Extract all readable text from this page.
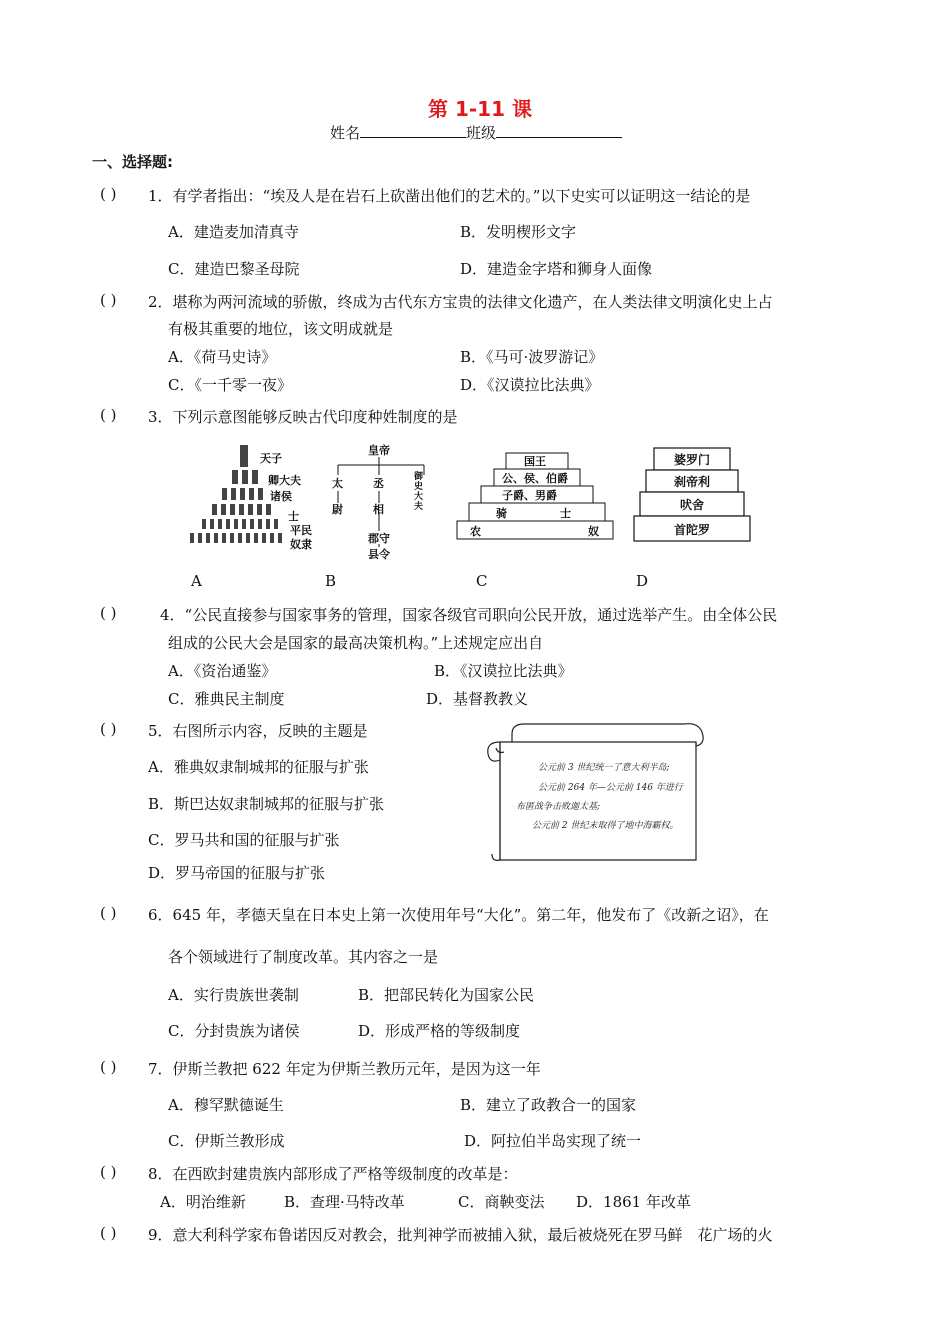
第 1-11 课
姓名	班级
一、选择题:
( ) 1．有学者指出：“埃及人是在岩石上砍凿出他们的艺术的。”以下史实可以证明这一结论的是
A．建造麦加清真寺	B．发明楔形文字
C．建造巴黎圣母院	D．建造金字塔和狮身人面像
( ) 2．堪称为两河流域的骄傲，终成为古代东方宝贵的法律文化遗产，在人类法律文明演化史上占
有极其重要的地位，该文明成就是
A．《荷马史诗》	B．《马可·波罗游记》
C．《一千零一夜》	D．《汉谟拉比法典》
( ) 3．下列示意图能够反映古代印度种姓制度的是
天子
卿大夫
诸侯
士
平民
奴隶
皇帝
太	丞	御
史
大
夫
尉	相
郡守
县令
国王
公、侯、伯爵
子爵、男爵
骑	士
农	奴
婆罗门
刹帝利
吠舍
首陀罗
A	B	C	D
( )	4．“公民直接参与国家事务的管理，国家各级官司职向公民开放，通过选举产生。由全体公民
组成的公民大会是国家的最高决策机构。”上述规定应出自
A．《资治通鉴》	B．《汉谟拉比法典》
C．雅典民主制度	D．基督教教义
( ) 5．右图所示内容，反映的主题是
A．雅典奴隶制城邦的征服与扩张
B．斯巴达奴隶制城邦的征服与扩张
C．罗马共和国的征服与扩张
D．罗马帝国的征服与扩张
公元前 3 世纪统一了意大利半岛;
公元前 264 年—公元前 146 年进行
布匿战争击败迦太基;
公元前 2 世纪末取得了地中海霸权。
( ) 6．645 年，孝德天皇在日本史上第一次使用年号“大化”。第二年，他发布了《改新之诏》，在
各个领域进行了制度改革。其内容之一是
A．实行贵族世袭制	B．把部民转化为国家公民
C．分封贵族为诸侯	D．形成严格的等级制度
( ) 7．伊斯兰教把 622 年定为伊斯兰教历元年，是因为这一年
A．穆罕默德诞生	B．建立了政教合一的国家
C．伊斯兰教形成	D．阿拉伯半岛实现了统一
( ) 8．在西欧封建贵族内部形成了严格等级制度的改革是：
A．明治维新	B．查理·马特改革	C．商鞅变法 D．1861 年改革
( ) 9．意大利科学家布鲁诺因反对教会，批判神学而被捕入狱，最后被烧死在罗马鲜　花广场的火
